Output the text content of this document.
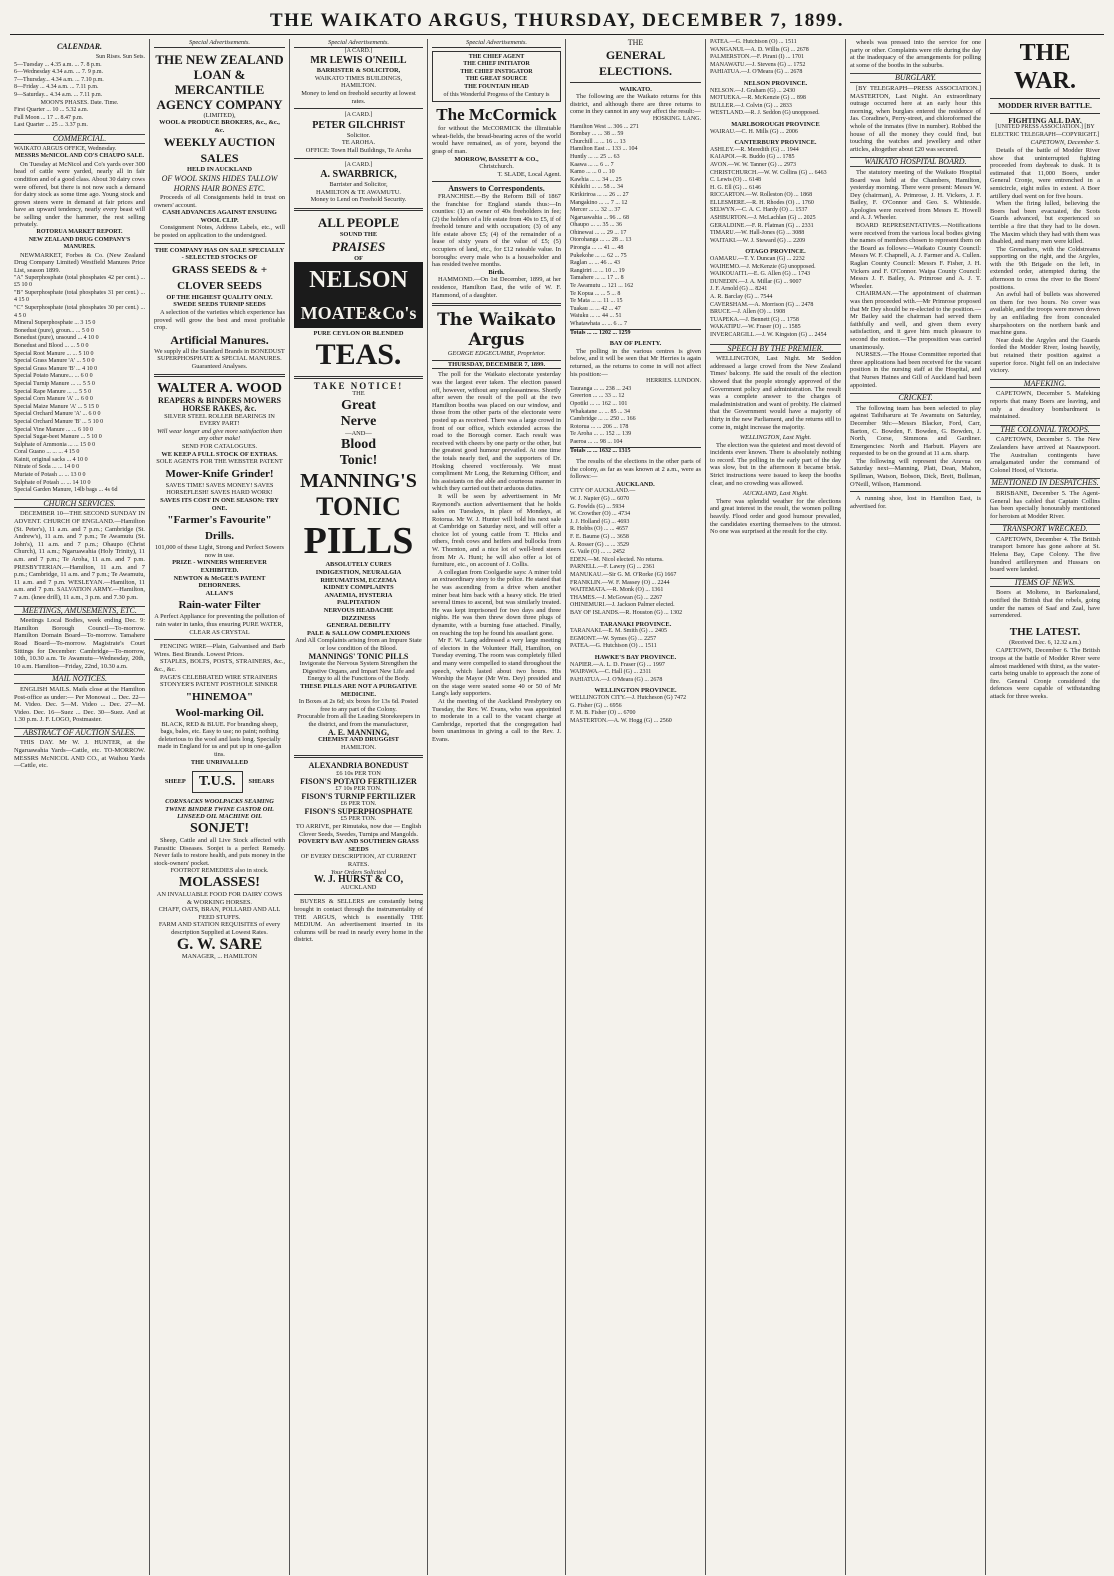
THE WAIKATO ARGUS, THURSDAY, DECEMBER 7, 1899.
CALENDAR.
Sun Rises. Sun Sets.
5—Tuesday ... 4.35 a.m. ... 7. 8 p.m.
6—Wednesday 4.34 a.m. ... 7. 9 p.m.
7—Thursday... 4.34 a.m. ... 7.10 p.m.
8—Friday ... 4.34 a.m. ... 7.11 p.m.
9—Saturday... 4.34 a.m. ... 7.11 p.m.
MOON'S PHASES. Date. Time.
First Quarter ... 10 ... 5.32 a.m.
Full Moon ... 17 ... 8.47 p.m.
Last Quarter ... 25 ... 3.37 p.m.
COMMERCIAL.
WAIKATO ARGUS OFFICE, Wednesday.
MESSRS McNICOL AND CO'S CHAUPO SALE.
On Tuesday at McNicol and Co's yards over 300 head of cattle were yarded, nearly all in fair condition and of a good class. About 30 dairy cows were offered, but there is not now such a demand for dairy stock as some time ago. Young stock and grown steers were in demand at fair prices and have an upward tendency, nearly every beast will be selling under the hammer, the rest selling privately.
ROTORUA MARKET REPORT.
NEW ZEALAND DRUG COMPANY'S MANURES.
NEWMARKET, Forbes & Co. (New Zealand Drug Company Limited) Westfield Manures Price List, season 1899.
"A" Superphosphate (total phosphates 42 per cent.) ... £5 10 0
"B" Superphosphate (total phosphates 31 per cent.) ... 4 15 0
"C" Superphosphate (total phosphates 30 per cent.) ... 4 5 0
Mineral Superphosphate ... 3 15 0
Bonedust (pure), groun... ... 5 0 0
Bonedust (pure), unsound ... 4 10 0
Bonedust and Blood ... ... 5 0 0
Special Root Manure ... ... 5 10 0
Special Grass Manure 'A' ... 5 0 0
Special Grass Manure 'B' ... 4 10 0
Special Potato Manure... ... 6 0 0
Special Turnip Manure ... ... 5 5 0
Special Rape Manure ... ... 5 5 0
Special Corn Manure 'A' ... 6 0 0
Special Maize Manure 'A' ... 5 15 0
Special Orchard Manure 'A' ... 6 0 0
Special Orchard Manure 'B' ... 5 10 0
Special Vine Manure ... ... 6 10 0
Special Sugar-beet Manure ... 5 10 0
Sulphate of Ammonia ... ... 15 0 0
Coral Guano ... ... ... 4 15 0
Kainit, original sacks ... 4 10 0
Nitrate of Soda ... ... 14 0 0
Muriate of Potash ... ... 13 0 0
Sulphate of Potash ... ... 14 10 0
Special Garden Manure, 14lb bags ... 4s 6d
CHURCH SERVICES.
DECEMBER 10—THE SECOND SUNDAY IN ADVENT. CHURCH OF ENGLAND.—Hamilton (St. Peter's), 11 a.m. and 7 p.m.; Cambridge (St. Andrew's), 11 a.m. and 7 p.m.; Te Awamutu (St. John's), 11 a.m. and 7 p.m.; Ohaupo (Christ Church), 11 a.m.; Ngaruawahia (Holy Trinity), 11 a.m. and 7 p.m.; Te Aroha, 11 a.m. and 7 p.m. PRESBYTERIAN.—Hamilton, 11 a.m. and 7 p.m.; Cambridge, 11 a.m. and 7 p.m.; Te Awamutu, 11 a.m. and 7 p.m. WESLEYAN.—Hamilton, 11 a.m. and 7 p.m. SALVATION ARMY.—Hamilton, 7 a.m. (knee drill), 11 a.m., 3 p.m. and 7.30 p.m.
MEETINGS, AMUSEMENTS, ETC.
Meetings Local Bodies, week ending Dec. 9: Hamilton Borough Council—To-morrow. Hamilton Domain Board—To-morrow. Tamahere Road Board—To-morrow. Magistrate's Court Sittings for December: Cambridge—To-morrow, 10th, 10.30 a.m. Te Awamutu—Wednesday, 20th, 10 a.m. Hamilton—Friday, 22nd, 10.30 a.m.
MAIL NOTICES.
ENGLISH MAILS. Mails close at the Hamilton Post-office as under:— Per Monowai ... Dec. 22—M. Video. Dec. 5—M. Video ... Dec. 27—M. Video. Dec. 16—Suez ... Dec. 30—Suez. And at 1.30 p.m. J. F. LOGO, Postmaster.
ABSTRACT OF AUCTION SALES.
THIS DAY. Mr W. J. HUNTER, at the Ngaruawahia Yards—Cattle, etc. TO-MORROW. MESSRS McNICOL AND CO., at Waihou Yards—Cattle, etc.
Special Advertisements.
THE NEW ZEALAND LOAN & MERCANTILE AGENCY COMPANY
(LIMITED),
WOOL & PRODUCE BROKERS, &c., &c., &c.
WEEKLY AUCTION SALES
HELD IN AUCKLAND
OF WOOL SKINS HIDES TALLOW HORNS HAIR BONES ETC.
Proceeds of all Consignments held in trust on owners' account.
CASH ADVANCES AGAINST ENSUING WOOL CLIP.
Consignment Notes, Address Labels, etc., will be posted on application to the undersigned.
THE COMPANY HAS ON SALE SPECIALLY - SELECTED STOCKS OF
GRASS SEEDS & + CLOVER SEEDS
OF THE HIGHEST QUALITY ONLY.
SWEDE SEEDS TURNIP SEEDS
A selection of the varieties which experience has proved will grow the best and most profitable crop.
Artificial Manures.
We supply all the Standard Brands in BONEDUST SUPERPHOSPHATE & SPECIAL MANURES. Guaranteed Analyses.
WALTER A. WOOD
REAPERS & BINDERS MOWERS
HORSE RAKES, &c.
SILVER STEEL ROLLER BEARINGS IN EVERY PART!
Will wear longer and give more satisfaction than any other make!
SEND FOR CATALOGUES.
WE KEEP A FULL STOCK OF EXTRAS.
SOLE AGENTS FOR THE WEBSTER PATENT
Mower-Knife Grinder!
SAVES TIME! SAVES MONEY! SAVES HORSEFLESH! SAVES HARD WORK!
SAVES ITS COST IN ONE SEASON: TRY ONE.
"Farmer's Favourite" Drills.
101,000 of these Light, Strong and Perfect Sowers now in use.
PRIZE - WINNERS WHEREVER EXHIBITED.
NEWTON & McGEE'S PATENT DEHORNERS.
ALLAN'S
Rain-water Filter
A Perfect Appliance for preventing the pollution of rain water in tanks, thus ensuring PURE WATER, CLEAR AS CRYSTAL
FENCING WIRE—Plain, Galvanised and Barb Wires. Best Brands. Lowest Prices.
STAPLES, BOLTS, POSTS, STRAINERS, &c., &c., &c.
PAGE'S CELEBRATED WIRE STRAINERS
STONYER'S PATENT POSTHOLE SINKER
"HINEMOA"
Wool-marking Oil.
BLACK, RED & BLUE. For branding sheep, bags, bales, etc. Easy to use; no paint; nothing deleterious to the wool and lasts long. Specially made in England for us and put up in one-gallon tins.
THE UNRIVALLED
SHEEP T.U.S.	SHEARS
CORNSACKS WOOLPACKS SEAMING TWINE BINDER TWINE CASTOR OIL LINSEED OIL MACHINE OIL
SONJET!
Sheep, Cattle and all Live Stock affected with Parasitic Diseases. Sonjet is a perfect Remedy. Never fails to restore health, and puts money in the stock-owners' pocket.
FOOTROT REMEDIES also in stock.
MOLASSES!
AN INVALUABLE FOOD FOR DAIRY COWS & WORKING HORSES.
CHAFF, OATS, BRAN, POLLARD AND ALL FEED STUFFS.
FARM AND STATION REQUISITES of every description Supplied at Lowest Rates.
G. W. SARE
MANAGER, ... HAMILTON
Special Advertisements.
[A CARD.]
MR LEWIS O'NEILL
BARRISTER & SOLICITOR,
WAIKATO TIMES BUILDINGS,
HAMILTON.
Money to lend on freehold security at lowest rates.
[A CARD.]
PETER GILCHRIST
Solicitor.
TE AROHA.
OFFICE: Town Hall Buildings, Te Aroha
[A CARD.]
A. SWARBRICK,
Barrister and Solicitor,
HAMILTON & TE AWAMUTU.
Money to Lend on Freehold Security.
ALL PEOPLE
SOUND THE
PRAISES
OF
NELSON
MOATE&Co's
PURE CEYLON OR BLENDED
TEAS.
TAKE NOTICE!
THE
Great
Nerve
—AND—
Blood
Tonic!
MANNING'S
TONIC
PILLS
ABSOLUTELY CURES
INDIGESTION, NEURALGIA
RHEUMATISM, ECZEMA
KIDNEY COMPLAINTS
ANAEMIA, HYSTERIA
PALPITATION
NERVOUS HEADACHE
DIZZINESS
GENERAL DEBILITY
PALE & SALLOW COMPLEXIONS
And All Complaints arising from an Impure State or low condition of the Blood.
MANNINGS' TONIC PILLS
Invigorate the Nervous System Strengthen the Digestive Organs, and Impart New Life and Energy to all the Functions of the Body.
THESE PILLS ARE NOT A PURGATIVE MEDICINE.
In Boxes at 2s 6d; six boxes for 13s 6d. Posted free to any part of the Colony.
Procurable from all the Leading Storekeepers in the district, and from the manufacturer,
A. E. MANNING,
CHEMIST AND DRUGGIST
HAMILTON.
ALEXANDRIA BONEDUST
£6 10s PER TON
FISON'S POTATO FERTILIZER
£7 10s PER TON.
FISON'S TURNIP FERTILIZER
£6 PER TON.
FISON'S SUPERPHOSPHATE
£5 PER TON.
TO ARRIVE, per Rimutaka, now due — English Clover Seeds, Swedes, Turnips and Mangolds.
POVERTY BAY AND SOUTHERN GRASS SEEDS
OF EVERY DESCRIPTION, AT CURRENT RATES.
Your Orders Solicited
W. J. HURST & CO,
AUCKLAND
BUYERS & SELLERS are constantly being brought in contact through the instrumentality of THE ARGUS, which is essentially THE MEDIUM. An advertisement inserted in its columns will be read in nearly every home in the district.
Special Advertisements.
THE CHIEF AGENT
THE CHIEF INITIATOR
THE CHIEF INSTIGATOR
THE GREAT SOURCE
THE FOUNTAIN HEAD
of this Wonderful Progress of the Century is
The McCormick
for without the McCORMICK the illimitable wheat-fields, the bread-bearing acres of the world would have remained, as of yore, beyond the grasp of man.
MORROW, BASSETT & CO.,
Christchurch.
T. SLADE, Local Agent.
Answers to Correspondents.
FRANCHISE.—By the Reform Bill of 1867 the franchise for England stands thus:—In counties: (1) an owner of 40s freeholders in fee; (2) the holders of a life estate from 40s to £5, if of freehold tenure and with occupation; (3) of any life estate above £5; (4) of the remainder of a lease of sixty years of the value of £5; (5) occupiers of land, etc., for £12 rateable value. In boroughs: every male who is a householder and has resided twelve months.
Birth.
HAMMOND.—On 1st December, 1899, at her residence, Hamilton East, the wife of W. F. Hammond, of a daughter.
The Waikato Argus
GEORGE EDGECUMBE, Proprietor.
THURSDAY, DECEMBER 7, 1899.
The poll for the Waikato electorate yesterday was the largest ever taken. The election passed off, however, without any unpleasantness. Shortly after seven the result of the poll at the two Hamilton booths was placed on our window, and those from the other parts of the electorate were posted up as received. There was a large crowd in front of our office, which extended across the road to the Borough corner. Each result was received with cheers by one party or the other, but the greatest good humour prevailed. At one time the totals nearly tied, and the supporters of Dr. Hosking cheered vociferously. We must compliment Mr Long, the Returning Officer, and his assistants on the able and courteous manner in which they carried out their arduous duties.
It will be seen by advertisement in Mr Raymond's auction advertisement that he holds sales on Tuesdays, in place of Mondays, at Rotorua. Mr W. J. Hunter will hold his next sale at Cambridge on Saturday next, and will offer a choice lot of young cattle from T. Hicks and others, fresh cows and heifers and bullocks from W. Thornton, and a nice lot of well-bred steers from Mr A. Hunt; he will also offer a lot of furniture, etc., on account of J. Collis.
A collegian from Coolgardie says: A miner told an extraordinary story to the police. He stated that he was ascending from a drive when another miner beat him back with a heavy stick. He tried several times to ascend, but was similarly treated. He was kept imprisoned for two days and three nights. He was then threw down three plugs of dynamite, with a burning fuse attached. Finally, on reaching the top he found his assailant gone.
Mr F. W. Lang addressed a very large meeting of electors in the Volunteer Hall, Hamilton, on Tuesday evening. The room was completely filled and many were compelled to stand throughout the speech, which lasted about two hours. His Worship the Mayor (Mr Wm. Dey) presided and on the stage were seated some 40 or 50 of Mr Lang's lady supporters.
At the meeting of the Auckland Presbytery on Tuesday, the Rev. W. Evans, who was appointed to moderate in a call to the vacant charge at Cambridge, reported that the congregation had been unanimous in giving a call to the Rev. J. Evans.
THE
GENERAL ELECTIONS.
WAIKATO.
The following are the Waikato returns for this district, and although there are three returns to come in they cannot in any way affect the result:—
HOSKING. LANG.
Hamilton West ... 306 ... 271
Bombay ... ... 38 ... 59
Churchill ... ... 16 ... 13
Hamilton East ... 133 ... 104
Huntly ... ... 25 ... 63
Kaawa ... ... 6 ... 7
Kamo ... ... 0 ... 10
Kawhia ... ... 34 ... 25
Kihikihi ... ... 58 ... 34
Kirikiriroa ... ... 26 ... 27
Mangakino ... ... 7 ... 12
Mercer ... ... 32 ... 37
Ngaruawahia ... 96 ... 68
Ohaupo ... ... 35 ... 36
Ohinewai ... ... 29 ... 17
Otorohanga ... ... 28 ... 13
Pirongia ... ... 41 ... 48
Pukekohe ... ... 62 ... 75
Raglan ... ... 46 ... 43
Rangiriri ... ... 10 ... 19
Tamahere ... ... 17 ... 8
Te Awamutu ... 121 ... 162
Te Kopua ... ... 5 ... 8
Te Mata ... ... 11 ... 15
Tuakau ... ... 42 ... 47
Waiuku ... ... 44 ... 51
Whatawhata ... ... 6 ... 7
Totals ... ... 1202 ... 1259
BAY OF PLENTY.
The polling in the various centres is given below, and it will be seen that Mr Herries is again returned, as the returns to come in will not affect his position:—
HERRIES. LUNDON.
Tauranga ... ... 238 ... 243
Greerton ... ... 33 ... 12
Opotiki ... ... 162 ... 101
Whakatane ... ... 85 ... 34
Cambridge ... ... 250 ... 166
Rotorua ... ... 206 ... 178
Te Aroha ... ... 152 ... 139
Paeroa ... ... 98 ... 104
Totals ... ... 1632 ... 1315
The results of the elections in the other parts of the colony, as far as was known at 2 a.m., were as follows:—
AUCKLAND.
CITY OF AUCKLAND.—
W. J. Napier (G) ... 6070
G. Fowlds (G) ... 5934
W. Crowther (O) ... 4734
J. J. Holland (G) ... 4693
R. Hobbs (O) ... ... 4657
F. E. Baume (G) ... 3658
A. Rosser (G) ... ... 3529
G. Vaile (O) ... ... 2452
EDEN.—M. Nicol elected. No returns.
PARNELL.—F. Lawry (G) ... 2361
MANUKAU.—Sir G. M. O'Rorke (G) 1667
FRANKLIN.—W. F. Massey (O) ... 2244
WAITEMATA.—R. Monk (O) ... 1361
THAMES.—J. McGowan (G) ... 2267
OHINEMURI.—J. Jackson Palmer elected.
BAY OF ISLANDS.—R. Houston (G) ... 1302
TARANAKI PROVINCE.
TARANAKI.—E. M. Smith (G) ... 2405
EGMONT.—W. Symes (G) ... 2257
PATEA.—G. Hutchison (O) ... 1511
HAWKE'S BAY PROVINCE.
NAPIER.—A. L. D. Fraser (G) ... 1997
WAIPAWA.—C. Hall (G) ... 2311
PAHIATUA.—J. O'Meara (G) ... 2678
WELLINGTON PROVINCE.
WELLINGTON CITY.—J. Hutcheson (G) 7472
G. Fisher (G) ... 6956
F. M. B. Fisher (O) ... 6700
MASTERTON.—A. W. Hogg (G) ... 2560
PATEA.—G. Hutchison (O) ... 1511
WANGANUI.—A. D. Willis (G) ... 2678
PALMERSTON.—F. Pirani (I) ... 1701
MANAWATU.—J. Stevens (G) ... 1752
PAHIATUA.—J. O'Meara (G) ... 2678
NELSON PROVINCE.
NELSON.—J. Graham (G) ... 2430
MOTUEKA.—R. McKenzie (G) ... 898
BULLER.—J. Colvin (G) ... 2833
WESTLAND.—R. J. Seddon (G) unopposed.
MARLBOROUGH PROVINCE
WAIRAU.—C. H. Mills (G) ... 2006
CANTERBURY PROVINCE.
ASHLEY.—R. Meredith (G) ... 1944
KAIAPOI.—R. Buddo (G) ... 1785
AVON.—W. W. Tanner (G) ... 2973
CHRISTCHURCH.—W. W. Collins (G) ... 6463
C. Lewis (O) ... 6148
H. G. Ell (G) ... 6146
RICCARTON.—W. Rolleston (O) ... 1868
ELLESMERE.—R. H. Rhodes (O) ... 1760
SELWYN.—C. A. C. Hardy (O) ... 1537
ASHBURTON.—J. McLachlan (G) ... 2025
GERALDINE.—F. R. Flatman (G) ... 2331
TIMARU.—W. Hall-Jones (G) ... 3088
WAITAKI.—W. J. Steward (G) ... 2209
OTAGO PROVINCE.
OAMARU.—T. Y. Duncan (G) ... 2232
WAIHEMO.—J. McKenzie (G) unopposed.
WAIKOUAITI.—E. G. Allen (G) ... 1743
DUNEDIN.—J. A. Millar (G) ... 9007
J. F. Arnold (G) ... 8241
A. R. Barclay (G) ... 7544
CAVERSHAM.—A. Morrison (G) ... 2478
BRUCE.—J. Allen (O) ... 1908
TUAPEKA.—J. Bennett (G) ... 1758
WAKATIPU.—W. Fraser (O) ... 1585
INVERCARGILL.—J. W. Kingston (G) ... 2454
SPEECH BY THE PREMIER.
WELLINGTON, Last Night. Mr Seddon addressed a large crowd from the New Zealand Times' balcony. He said the result of the election showed that the people strongly approved of the Government policy and administration. The result was a complete answer to the charges of maladministration and want of probity. He claimed that the Government would have a majority of thirty in the new Parliament, and the returns still to come in, might increase the majority.
WELLINGTON, Last Night.
The election was the quietest and most devoid of incidents ever known. There is absolutely nothing to record. The polling in the early part of the day was slow, but in the afternoon it became brisk. Strict instructions were issued to keep the booths clear, and no crowding was allowed.
AUCKLAND, Last Night.
There was splendid weather for the elections and great interest in the result, the women polling heavily. Flood order and good humour prevailed, the candidates exerting themselves to the utmost. No one was surprised at the result for the city.
wheels was pressed into the service for one party or other. Complaints were rife during the day at the inadequacy of the arrangements for polling at some of the booths in the suburbs.
BURGLARY.
[BY TELEGRAPH—PRESS ASSOCIATION.] MASTERTON, Last Night. An extraordinary outrage occurred here at an early hour this morning, when burglars entered the residence of Jas. Coradine's, Perry-street, and chloroformed the whole of the inmates (five in number). Robbed the house of all the money they could find, but touching the watches and jewellery and other articles, altogether about £20 was secured.
WAIKATO HOSPITAL BOARD.
The statutory meeting of the Waikato Hospital Board was held at the Chambers, Hamilton, yesterday morning. There were present: Messrs W. Dey (chairman), A. Primrose, J. H. Vickers, J. F. Bailey, F. O'Connor and Geo. S. Whiteside. Apologies were received from Messrs E. Howell and A. J. Wheeler.
BOARD REPRESENTATIVES.—Notifications were received from the various local bodies giving the names of members chosen to represent them on the Board as follows:—Waikato County Council: Messrs W. F. Chapnell, A. J. Farmer and A. Cullen. Raglan County Council: Messrs F. Fisher, J. H. Vickers and F. O'Connor. Waipa County Council: Messrs J. F. Bailey, A. Primrose and A. J. T. Wheeler.
CHAIRMAN.—The appointment of chairman was then proceeded with.—Mr Primrose proposed that Mr Dey should be re-elected to the position.—Mr Bailey said the chairman had served them faithfully and well, and given them every satisfaction, and it gave him much pleasure to second the motion.—The proposition was carried unanimously.
NURSES.—The House Committee reported that three applications had been received for the vacant position in the nursing staff at the Hospital, and that Nurses Haines and Gill of Auckland had been appointed.
CRICKET.
The following team has been selected to play against Taihiharuru at Te Awamutu on Saturday, December 9th:—Messrs Blacker, Ford, Carr, Barton, C. Bowden, F. Bowden, G. Bowden, J. North, Corse, Simmons and Gardiner. Emergencies: North and Harbutt. Players are requested to be on the ground at 11 a.m. sharp.
The following will represent the Aravua on Saturday next—Manning, Platt, Dean, Mahon, Spillman, Watson, Bobson, Dick, Breit, Bullman, O'Neill, Wilson, Hammond.
A running shoe, lost in Hamilton East, is advertised for.
THE WAR.
MODDER RIVER BATTLE.
FIGHTING ALL DAY.
[UNITED PRESS ASSOCIATION.] [BY ELECTRIC TELEGRAPH—COPYRIGHT.]
CAPETOWN, December 5.
Details of the battle of Modder River show that uninterrupted fighting proceeded from daybreak to dusk. It is estimated that 11,000 Boers, under General Cronje, were entrenched in a semicircle, eight miles in extent. A Boer artillery duel went on for five hours.
When the firing lulled, believing the Boers had been evacuated, the Scots Guards advanced, but experienced so terrible a fire that they had to lie down. The Maxim which they had with them was disabled, and many men were killed.
The Grenadiers, with the Coldstreams supporting on the right, and the Argyles, with the 9th Brigade on the left, in extended order, attempted during the afternoon to cross the river to the Boers' positions.
An awful hail of bullets was showered on them for two hours. No cover was available, and the troops were mown down by an enfilading fire from concealed sharpshooters on the northern bank and machine guns.
Near dusk the Argyles and the Guards forded the Modder River, losing heavily, but retained their position against a superior force. Night fell on an indecisive victory.
MAFEKING.
CAPETOWN, December 5. Mafeking reports that many Boers are leaving, and only a desultory bombardment is maintained.
THE COLONIAL TROOPS.
CAPETOWN, December 5. The New Zealanders have arrived at Naauwpoort. The Australian contingents have amalgamated under the command of Colonel Hood, of Victoria.
MENTIONED IN DESPATCHES.
BRISBANE, December 5. The Agent-General has cabled that Captain Collins has been specially honourably mentioned for heroism at Modder River.
TRANSPORT WRECKED.
CAPETOWN, December 4. The British transport Ismore has gone ashore at St. Helena Bay, Cape Colony. The five hundred artillerymen and Hussars on board were landed.
ITEMS OF NEWS.
Boers at Molteno, in Barkunaland, notified the British that the rebels, going under the names of Saaf and Zaal, have surrendered.
THE LATEST.
(Received Dec. 6, 12.32 a.m.)
CAPETOWN, December 6. The British troops at the battle of Modder River were almost maddened with thirst, as the water-carts being unable to approach the zone of fire. General Cronje considered the defences were capable of withstanding attack for three weeks.
